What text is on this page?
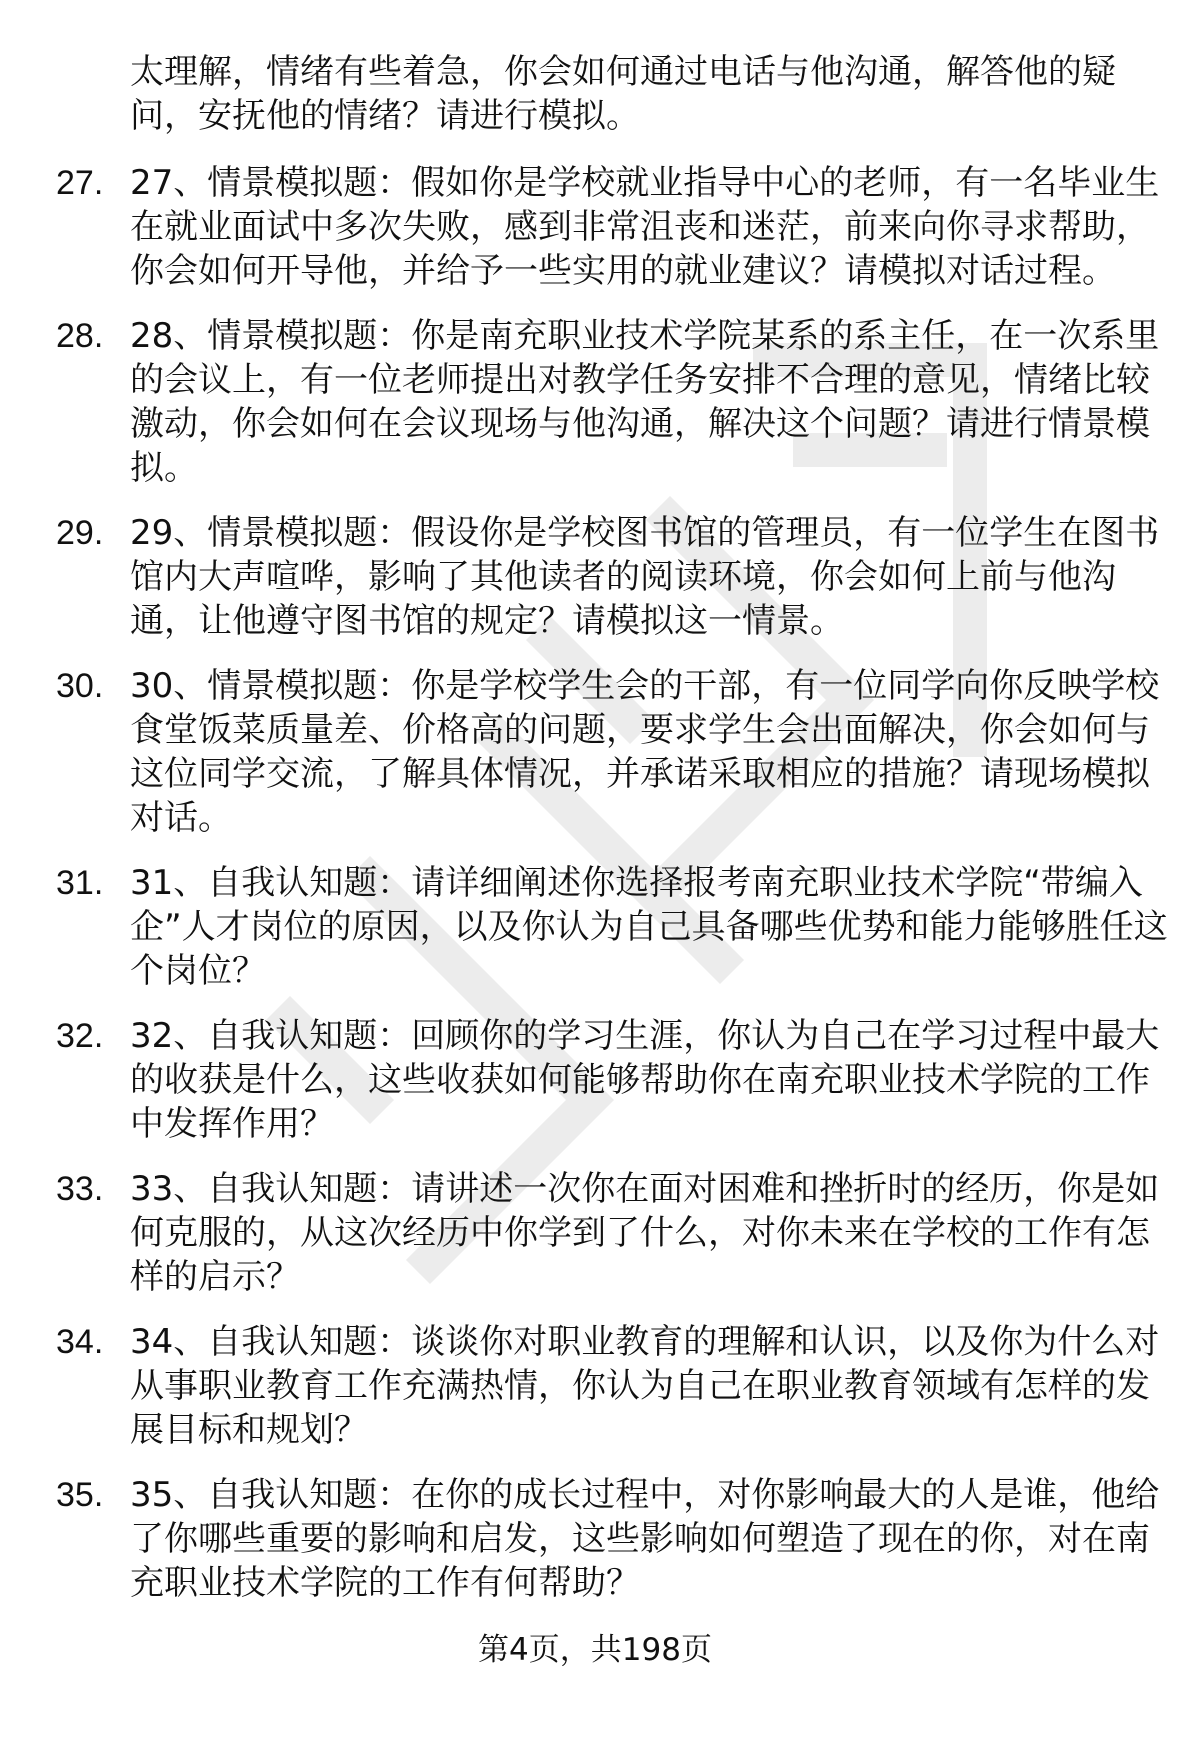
太理解，情绪有些着急，你会如何通过电话与他沟通，解答他的疑问，安抚他的情绪？请进行模拟。

27. 27、情景模拟题：假如你是学校就业指导中心的老师，有一名毕业生在就业面试中多次失败，感到非常沮丧和迷茫，前来向你寻求帮助，你会如何开导他，并给予一些实用的就业建议？请模拟对话过程。
28. 28、情景模拟题：你是南充职业技术学院某系的系主任，在一次系里的会议上，有一位老师提出对教学任务安排不合理的意见，情绪比较激动，你会如何在会议现场与他沟通，解决这个问题？请进行情景模拟。
29. 29、情景模拟题：假设你是学校图书馆的管理员，有一位学生在图书馆内大声喧哗，影响了其他读者的阅读环境，你会如何上前与他沟通，让他遵守图书馆的规定？请模拟这一情景。
30. 30、情景模拟题：你是学校学生会的干部，有一位同学向你反映学校食堂饭菜质量差、价格高的问题，要求学生会出面解决，你会如何与这位同学交流，了解具体情况，并承诺采取相应的措施？请现场模拟对话。
31. 31、自我认知题：请详细阐述你选择报考南充职业技术学院“带编入企”人才岗位的原因，以及你认为自己具备哪些优势和能力能够胜任这个岗位？
32. 32、自我认知题：回顾你的学习生涯，你认为自己在学习过程中最大的收获是什么，这些收获如何能够帮助你在南充职业技术学院的工作中发挥作用？
33. 33、自我认知题：请讲述一次你在面对困难和挫折时的经历，你是如何克服的，从这次经历中你学到了什么，对你未来在学校的工作有怎样的启示？
34. 34、自我认知题：谈谈你对职业教育的理解和认识，以及你为什么对从事职业教育工作充满热情，你认为自己在职业教育领域有怎样的发展目标和规划？
35. 35、自我认知题：在你的成长过程中，对你影响最大的人是谁，他给了你哪些重要的影响和启发，这些影响如何塑造了现在的你，对在南充职业技术学院的工作有何帮助？
第4页，共198页
